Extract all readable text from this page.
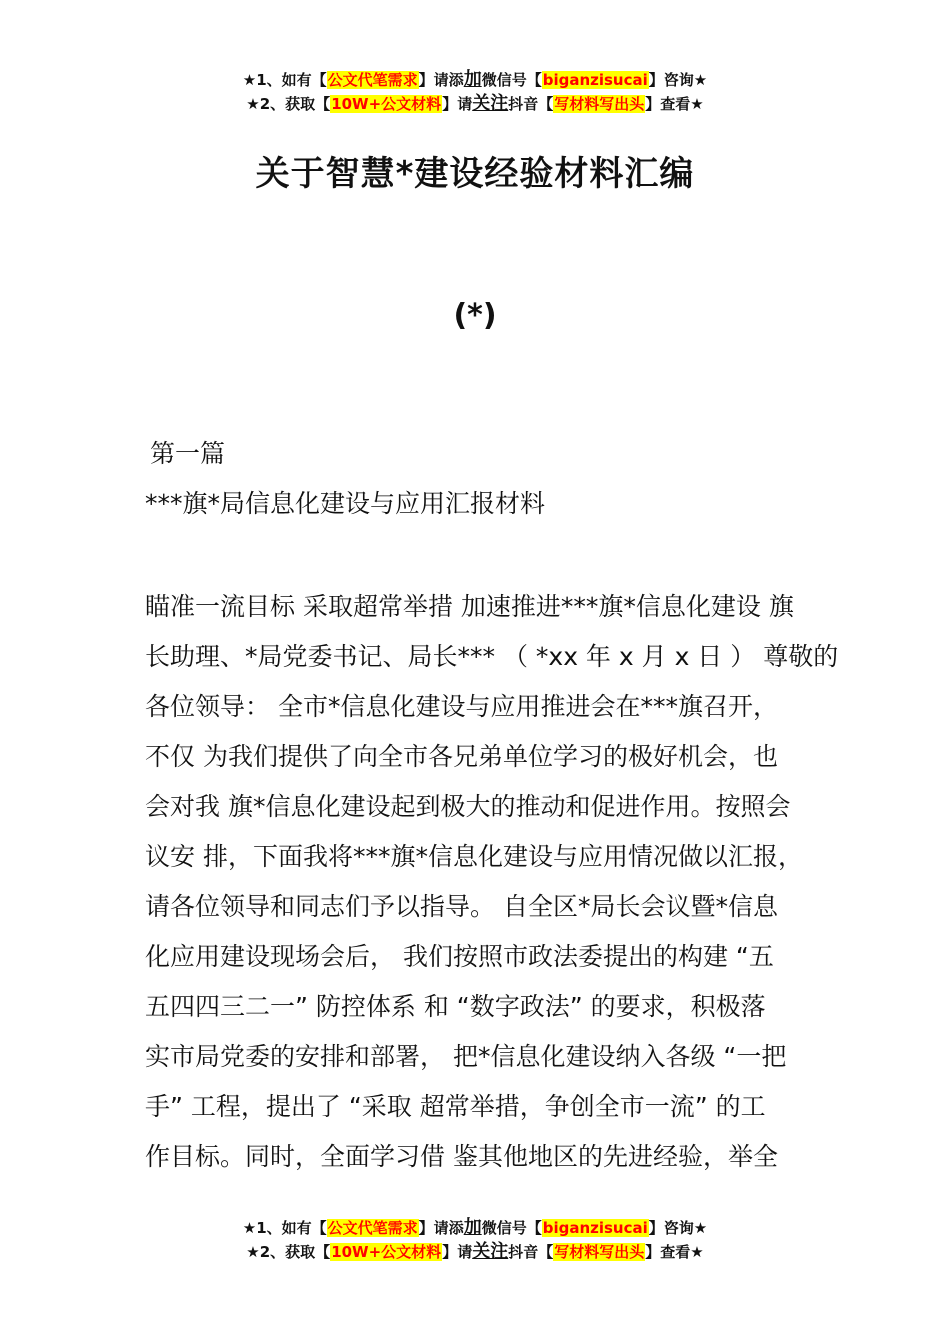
★1、如有【公文代笔需求】请添加微信号【biganzisucai】咨询★
★2、获取【10W+公文材料】请关注抖音【写材料写出头】查看★
关于智慧*建设经验材料汇编
(*)
第一篇
***旗*局信息化建设与应用汇报材料
瞄准一流目标 采取超常举措 加速推进***旗*信息化建设 旗
长助理、*局党委书记、局长*** （ *xx 年 x 月 x 日 ） 尊敬的
各位领导： 全市*信息化建设与应用推进会在***旗召开，
不仅 为我们提供了向全市各兄弟单位学习的极好机会，也
会对我 旗*信息化建设起到极大的推动和促进作用。按照会
议安 排，下面我将***旗*信息化建设与应用情况做以汇报，
请各位领导和同志们予以指导。 自全区*局长会议暨*信息
化应用建设现场会后， 我们按照市政法委提出的构建 “五
五四四三二一” 防控体系 和 “数字政法” 的要求，积极落
实市局党委的安排和部署， 把*信息化建设纳入各级 “一把
手” 工程，提出了 “采取 超常举措，争创全市一流” 的工
作目标。同时，全面学习借 鉴其他地区的先进经验，举全
★1、如有【公文代笔需求】请添加微信号【biganzisucai】咨询★
★2、获取【10W+公文材料】请关注抖音【写材料写出头】查看★
